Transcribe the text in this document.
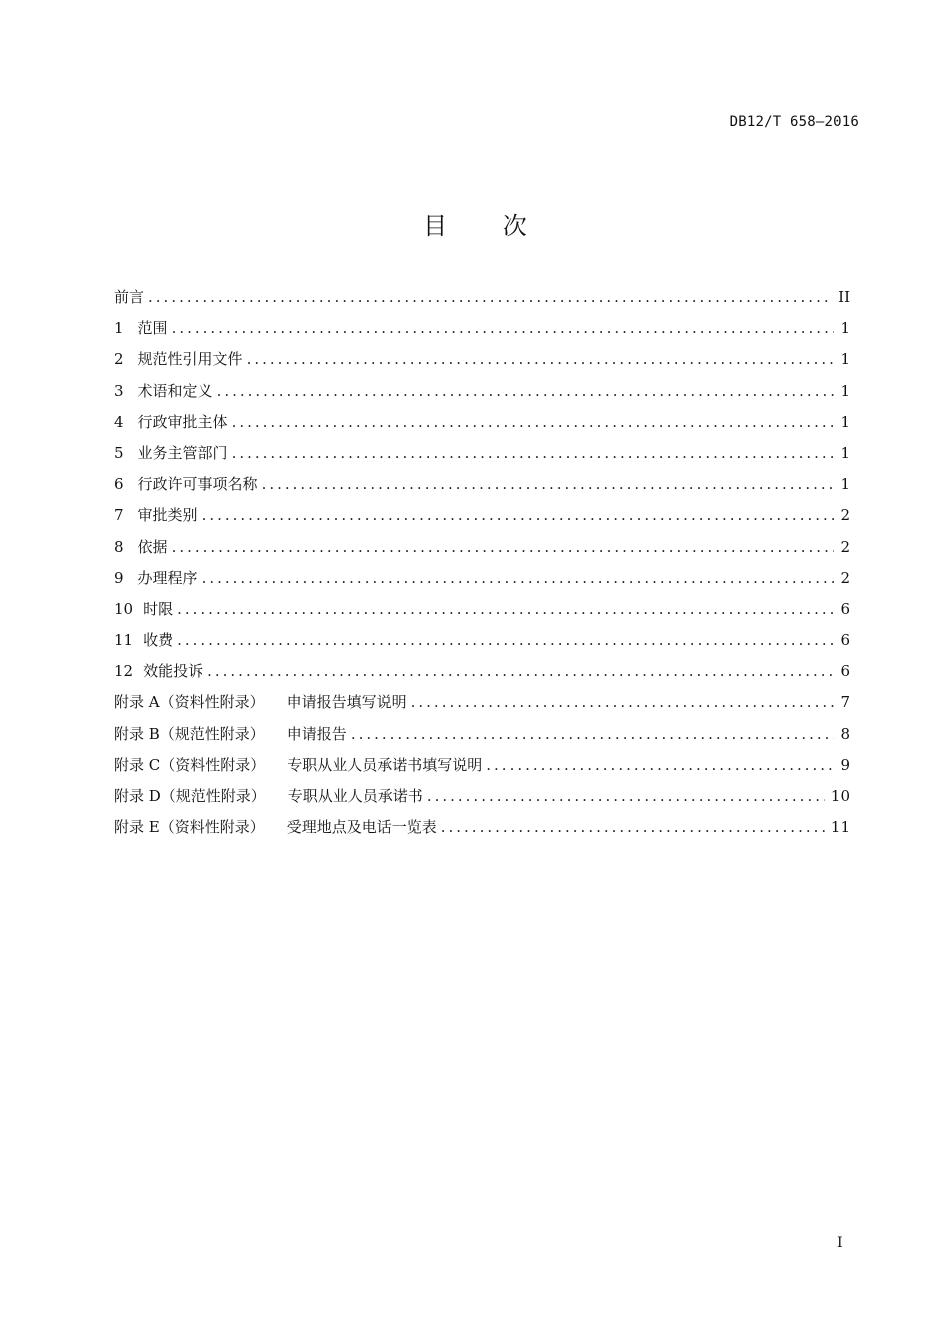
DB12/T 658—2016
目 次
前言 .....	II
1 范围 .....	1
2 规范性引用文件 .....	1
3 术语和定义 .....	1
4 行政审批主体 .....	1
5 业务主管部门 .....	1
6 行政许可事项名称 .....	1
7 审批类别 .....	2
8 依据 .....	2
9 办理程序 .....	2
10 时限 .....	6
11 收费 .....	6
12 效能投诉 .....	6
附录 A（资料性附录） 申请报告填写说明 .....	7
附录 B（规范性附录） 申请报告 .....	8
附录 C（资料性附录） 专职从业人员承诺书填写说明 .....	9
附录 D（规范性附录） 专职从业人员承诺书 .....	10
附录 E（资料性附录） 受理地点及电话一览表 .....	11
I
